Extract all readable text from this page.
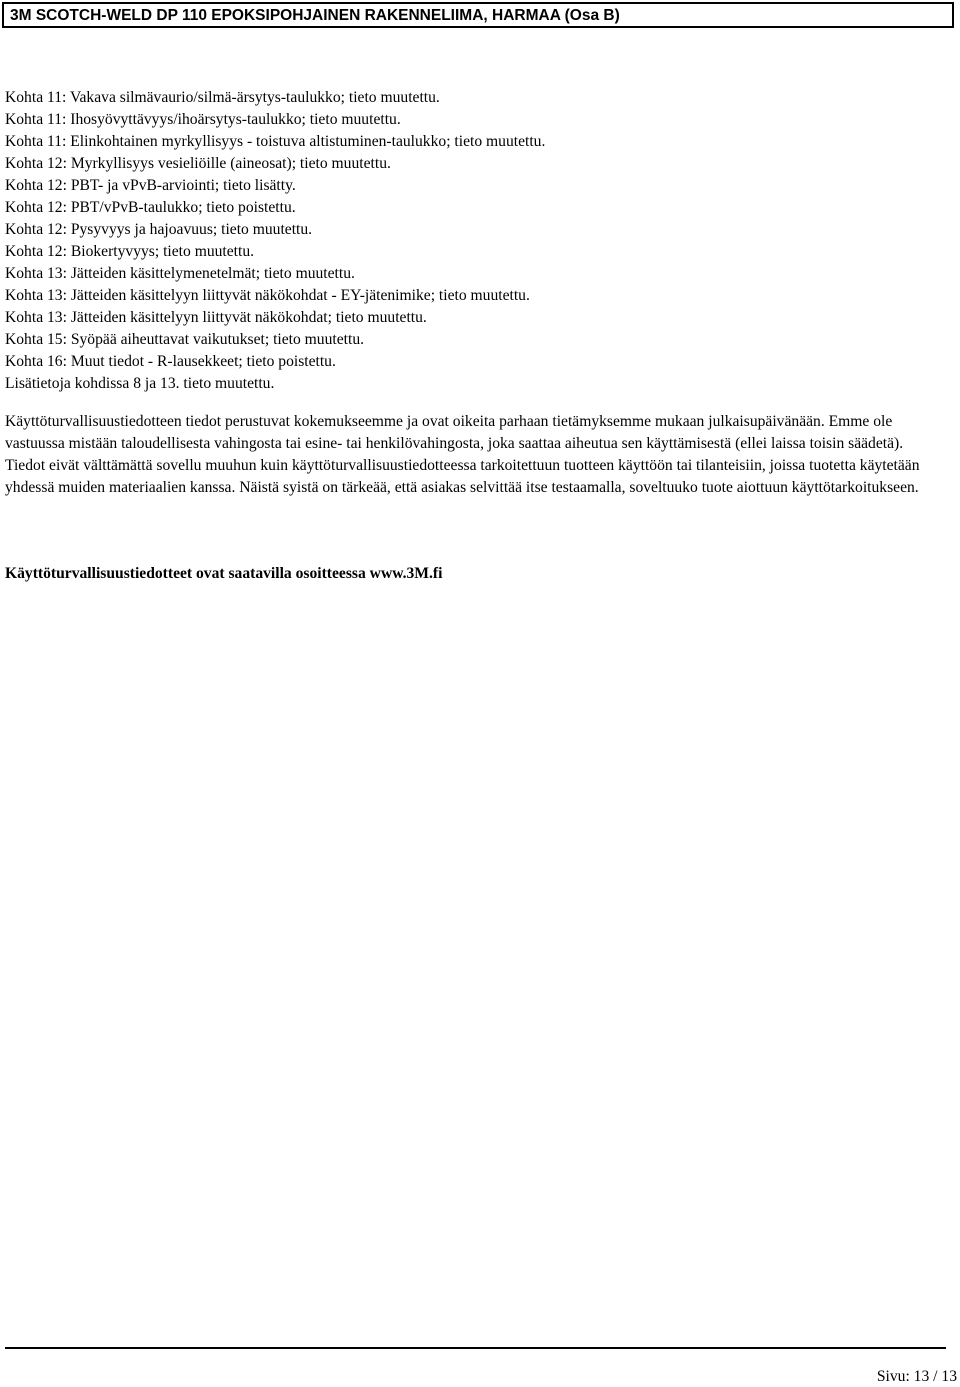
3M SCOTCH-WELD DP 110 EPOKSIPOHJAINEN RAKENNELIIMA, HARMAA (Osa B)
Kohta 11: Vakava silmävaurio/silmä-ärsytys-taulukko; tieto muutettu.
Kohta 11: Ihosyövyttävyys/ihoärsytys-taulukko; tieto muutettu.
Kohta 11: Elinkohtainen myrkyllisyys - toistuva altistuminen-taulukko; tieto muutettu.
Kohta 12: Myrkyllisyys vesieliöille (aineosat); tieto muutettu.
Kohta 12: PBT- ja vPvB-arviointi; tieto lisätty.
Kohta 12: PBT/vPvB-taulukko; tieto poistettu.
Kohta 12: Pysyvyys ja hajoavuus; tieto muutettu.
Kohta 12: Biokertyvyys; tieto muutettu.
Kohta 13: Jätteiden käsittelymenetelmät; tieto muutettu.
Kohta 13: Jätteiden käsittelyyn liittyvät näkökohdat - EY-jätenimike; tieto muutettu.
Kohta 13: Jätteiden käsittelyyn liittyvät näkökohdat; tieto muutettu.
Kohta 15: Syöpää aiheuttavat vaikutukset; tieto muutettu.
Kohta 16: Muut tiedot - R-lausekkeet; tieto poistettu.
Lisätietoja kohdissa 8 ja 13. tieto muutettu.

Käyttöturvallisuustiedotteen tiedot perustuvat kokemukseemme ja ovat oikeita parhaan tietämyksemme mukaan julkaisupäivänään. Emme ole vastuussa mistään taloudellisesta vahingosta tai esine- tai henkilövahingosta, joka saattaa aiheutua sen käyttämisestä (ellei laissa toisin säädetä). Tiedot eivät välttämättä sovellu muuhun kuin käyttöturvallisuustiedotteessa tarkoitettuun tuotteen käyttöön tai tilanteisiin, joissa tuotetta käytetään yhdessä muiden materiaalien kanssa. Näistä syistä on tärkeää, että asiakas selvittää itse testaamalla, soveltuuko tuote aiottuun käyttötarkoitukseen.

Käyttöturvallisuustiedotteet ovat saatavilla osoitteessa www.3M.fi
Sivu: 13 / 13
